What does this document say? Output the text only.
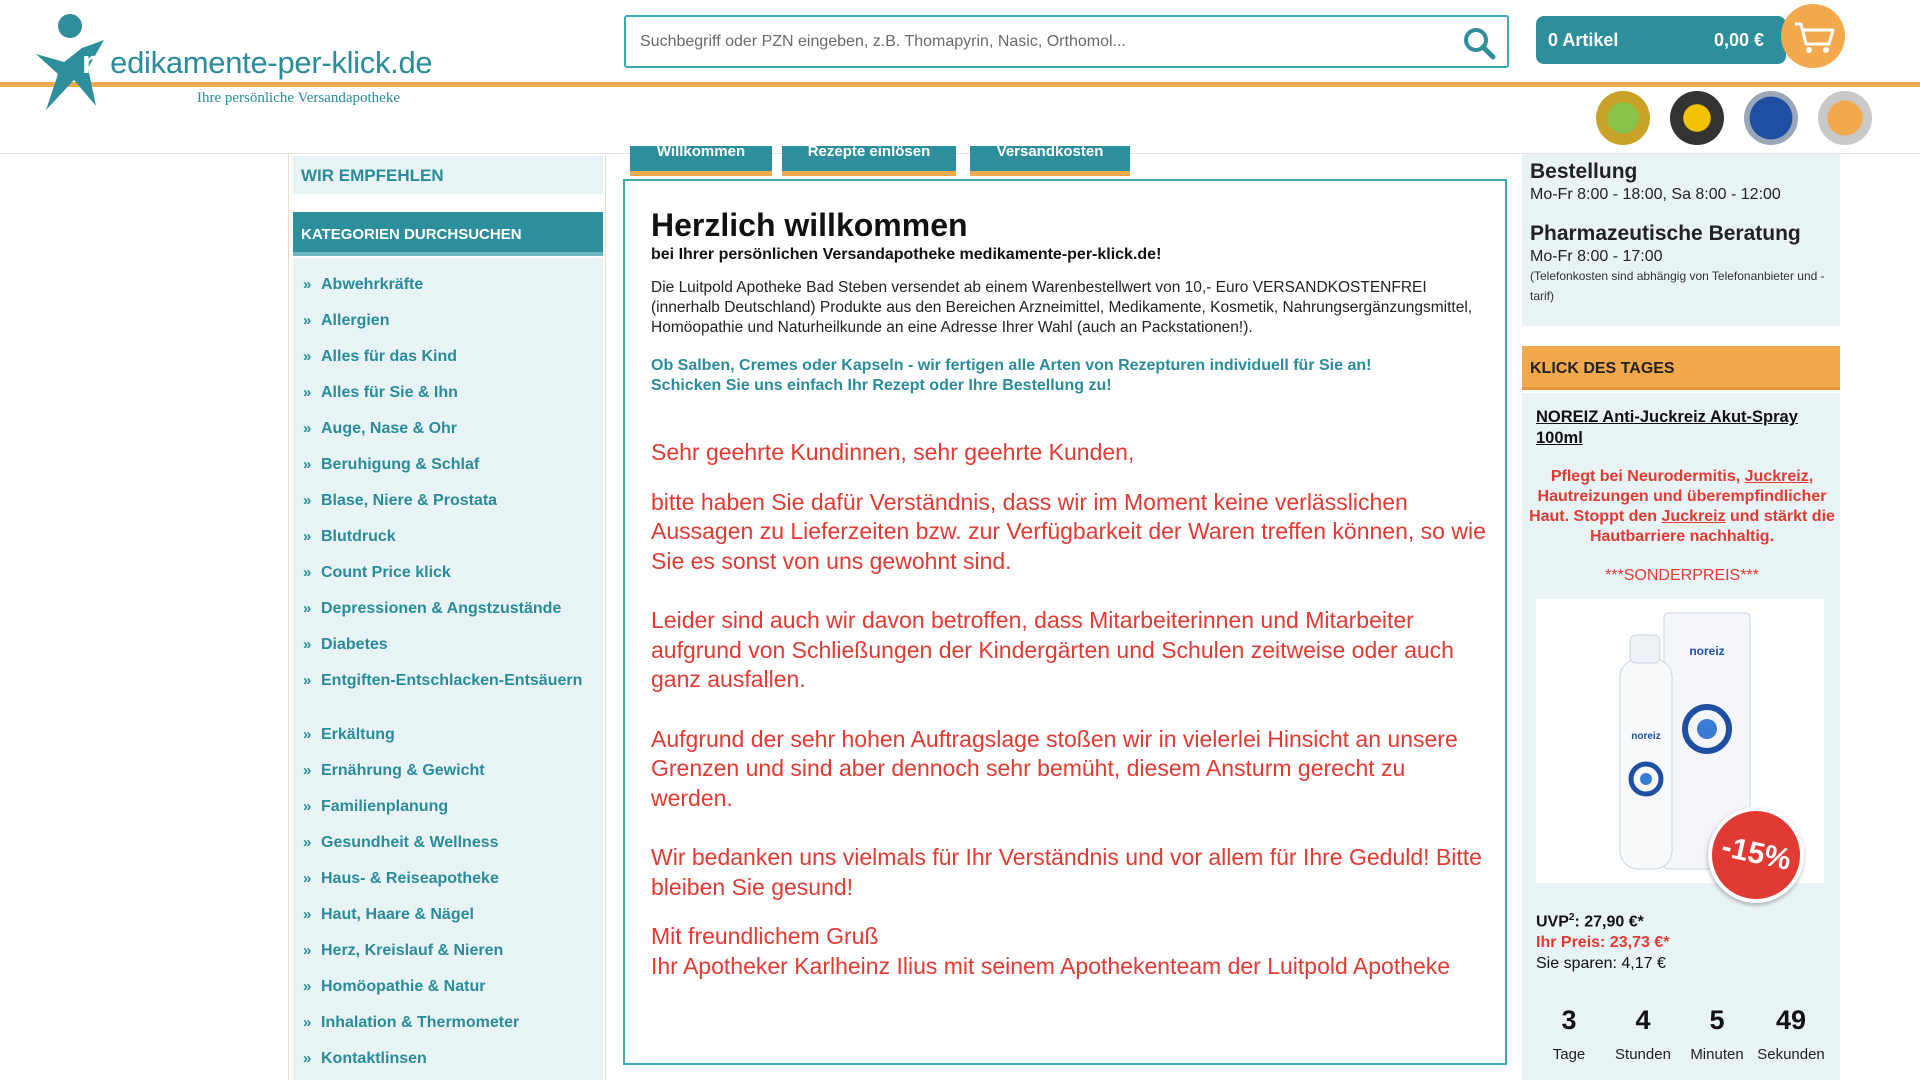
medikamente-per-klick.de
Ihre persönliche Versandapotheke
Suchbegriff oder PZN eingeben, z.B. Thomapyrin, Nasic, Orthomol...
0 Artikel	0,00 €
WIR EMPFEHLEN
KATEGORIEN DURCHSUCHEN
» Abwehrkräfte
» Allergien
» Alles für das Kind
» Alles für Sie & Ihn
» Auge, Nase & Ohr
» Beruhigung & Schlaf
» Blase, Niere & Prostata
» Blutdruck
» Count Price klick
» Depressionen & Angstzustände
» Diabetes
» Entgiften-Entschlacken-Entsäuern
» Erkältung
» Ernährung & Gewicht
» Familienplanung
» Gesundheit & Wellness
» Haus- & Reiseapotheke
» Haut, Haare & Nägel
» Herz, Kreislauf & Nieren
» Homöopathie & Natur
» Inhalation & Thermometer
» Kontaktlinsen
Willkommen	Rezepte einlösen	Versandkosten
Herzlich willkommen
bei Ihrer persönlichen Versandapotheke medikamente-per-klick.de!
Die Luitpold Apotheke Bad Steben versendet ab einem Warenbestellwert von 10,- Euro VERSANDKOSTENFREI (innerhalb Deutschland) Produkte aus den Bereichen Arzneimittel, Medikamente, Kosmetik, Nahrungsergänzungsmittel, Homöopathie und Naturheilkunde an eine Adresse Ihrer Wahl (auch an Packstationen!).
Ob Salben, Cremes oder Kapseln - wir fertigen alle Arten von Rezepturen individuell für Sie an!
Schicken Sie uns einfach Ihr Rezept oder Ihre Bestellung zu!

Sehr geehrte Kundinnen, sehr geehrte Kunden,

bitte haben Sie dafür Verständnis, dass wir im Moment keine verlässlichen Aussagen zu Lieferzeiten bzw. zur Verfügbarkeit der Waren treffen können, so wie Sie es sonst von uns gewohnt sind.

Leider sind auch wir davon betroffen, dass Mitarbeiterinnen und Mitarbeiter aufgrund von Schließungen der Kindergärten und Schulen zeitweise oder auch ganz ausfallen.

Aufgrund der sehr hohen Auftragslage stoßen wir in vielerlei Hinsicht an unsere Grenzen und sind aber dennoch sehr bemüht, diesem Ansturm gerecht zu werden.

Wir bedanken uns vielmals für Ihr Verständnis und vor allem für Ihre Geduld! Bitte bleiben Sie gesund!

Mit freundlichem Gruß

Ihr Apotheker Karlheinz Ilius mit seinem Apothekenteam der Luitpold Apotheke

Bestellung
Mo-Fr 8:00 - 18:00, Sa 8:00 - 12:00
Pharmazeutische Beratung
Mo-Fr 8:00 - 17:00
(Telefonkosten sind abhängig von Telefonanbieter und -tarif)
KLICK DES TAGES
NOREIZ Anti-Juckreiz Akut-Spray 100ml
Pflegt bei Neurodermitis, Juckreiz, Hautreizungen und überempfindlicher Haut. Stoppt den Juckreiz und stärkt die Hautbarriere nachhaltig.
***SONDERPREIS***
noreiz
noreiz
-15%
UVP$^2$: 27,90 €*
Ihr Preis: 23,73 €*
Sie sparen: 4,17 €
3
Tage
4
Stunden
5
Minuten
49
Sekunden
